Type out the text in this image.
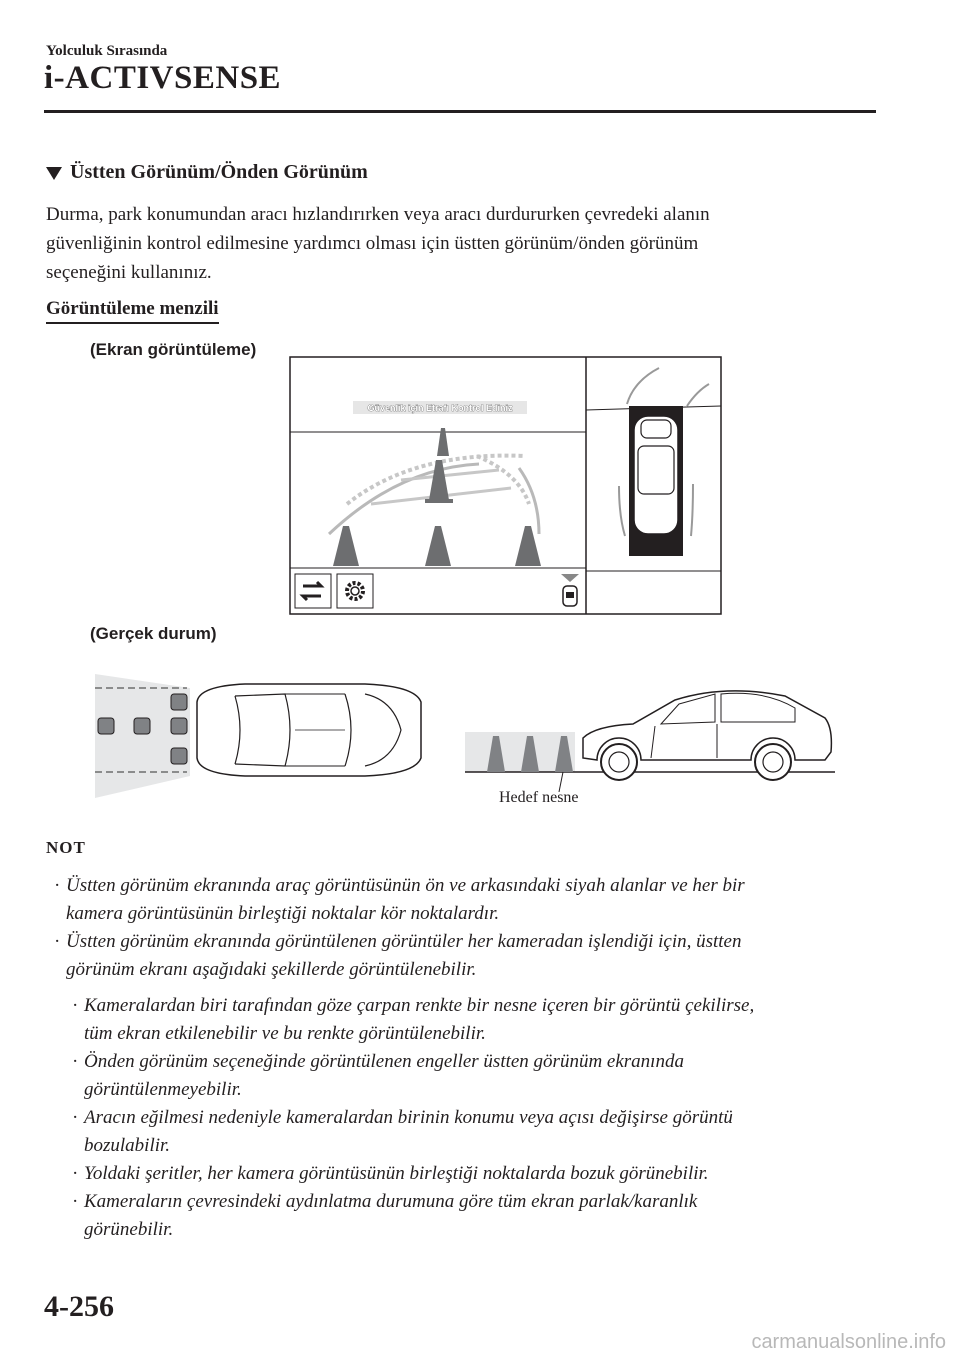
Yolculuk Sırasında
i-ACTIVSENSE
Üstten Görünüm/Önden Görünüm
Durma, park konumundan aracı hızlandırırken veya aracı durdururken çevredeki alanın
güvenliğinin kontrol edilmesine yardımcı olması için üstten görünüm/önden görünüm
seçeneğini kullanınız.
Görüntüleme menzili
(Ekran görüntüleme)
(Gerçek durum)
Güvenlik için Etrafı Kontrol Ediniz
Hedef nesne
NOT
· Üstten görünüm ekranında araç görüntüsünün ön ve arkasındaki siyah alanlar ve her bir
kamera görüntüsünün birleştiği noktalar kör noktalardır.
· Üstten görünüm ekranında görüntülenen görüntüler her kameradan işlendiği için, üstten
görünüm ekranı aşağıdaki şekillerde görüntülenebilir.
· Kameralardan biri tarafından göze çarpan renkte bir nesne içeren bir görüntü çekilirse,
tüm ekran etkilenebilir ve bu renkte görüntülenebilir.
· Önden görünüm seçeneğinde görüntülenen engeller üstten görünüm ekranında
görüntülenmeyebilir.
· Aracın eğilmesi nedeniyle kameralardan birinin konumu veya açısı değişirse görüntü
bozulabilir.
· Yoldaki şeritler, her kamera görüntüsünün birleştiği noktalarda bozuk görünebilir.
· Kameraların çevresindeki aydınlatma durumuna göre tüm ekran parlak/karanlık
görünebilir.
4-256
carmanualsonline.info
